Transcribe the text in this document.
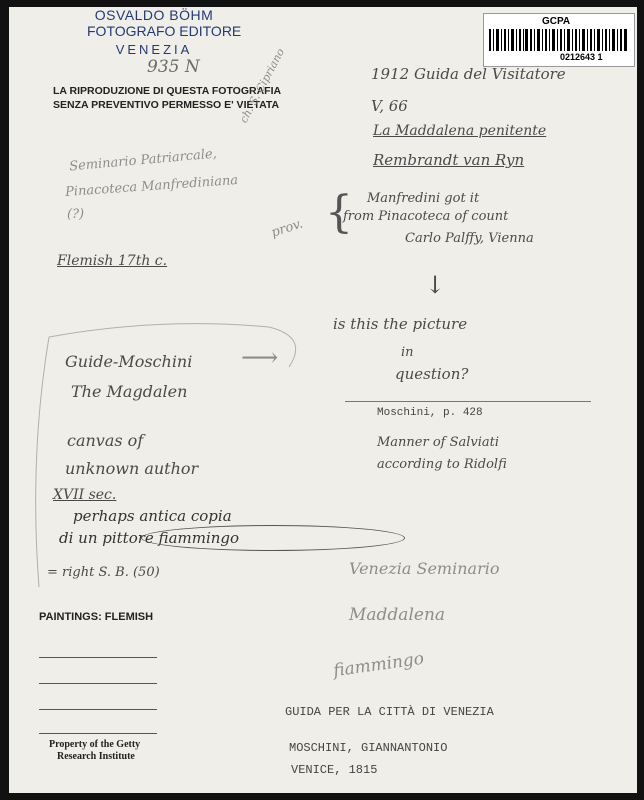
OSVALDO BÖHM
FOTOGRAFO EDITORE
VENEZIA
935 N
LA RIPRODUZIONE DI QUESTA FOTOGRAFIA
SENZA PREVENTIVO PERMESSO E' VIETATA
GCPA
0212643 1
1912 Guida del Visitatore
V, 66
La Maddalena penitente
Rembrandt van Ryn
ch. S. Cipriano
Seminario Patriarcale,
Pinacoteca Manfrediniana
(?)
prov. { Manfredini got it
from Pinacoteca of count
Carlo Palffy, Vienna
Flemish 17th c.
↓
is this the picture
in
question?
Guide-Moschini ⟶
The Magdalen
Moschini, p. 428
Manner of Salviati
according to Ridolfi
canvas of
unknown author
XVII sec.
perhaps antica copia
di un pittore fiammingo
= right S. B. (50)	Venezia Seminario
Maddalena
fiammingo
PAINTINGS: FLEMISH
Property of the Getty
Research Institute
GUIDA PER LA CITTÀ DI VENEZIA
MOSCHINI, GIANNANTONIO
VENICE, 1815
